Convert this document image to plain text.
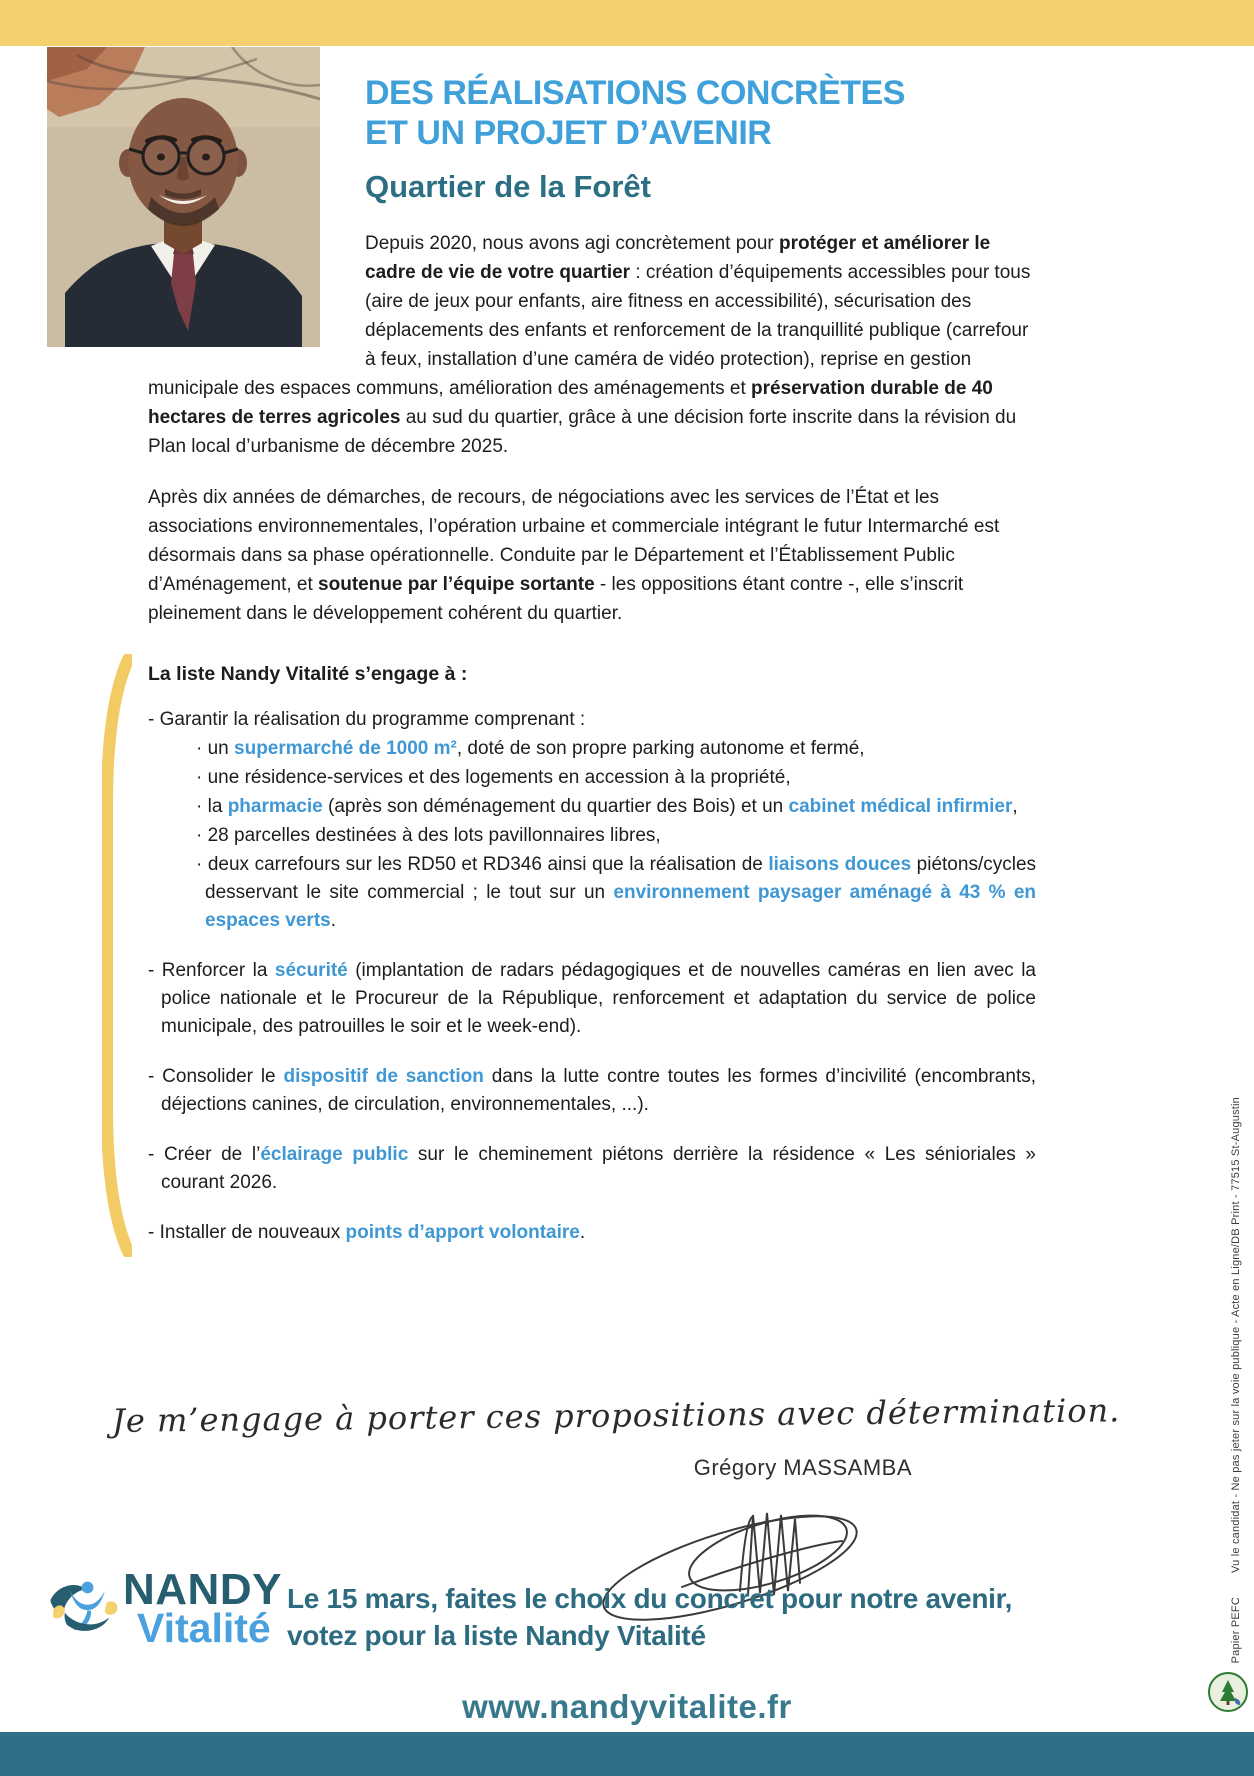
DES RÉALISATIONS CONCRÈTES
ET UN PROJET D’AVENIR
Quartier de la Forêt

Depuis 2020, nous avons agi concrètement pour protéger et améliorer le cadre de vie de votre quartier : création d’équipements accessibles pour tous (aire de jeux pour enfants, aire fitness en accessibilité), sécurisation des déplacements des enfants et renforcement de la tranquillité publique (carrefour à feux, installation d’une caméra de vidéo protection), reprise en gestion municipale des espaces communs, amélioration des aménagements et préservation durable de 40 hectares de terres agricoles au sud du quartier, grâce à une décision forte inscrite dans la révision du Plan local d’urbanisme de décembre 2025.

Après dix années de démarches, de recours, de négociations avec les services de l’État et les associations environnementales, l’opération urbaine et commerciale intégrant le futur Intermarché est désormais dans sa phase opérationnelle. Conduite par le Département et l’Établissement Public d’Aménagement, et soutenue par l’équipe sortante - les oppositions étant contre -, elle s’inscrit pleinement dans le développement cohérent du quartier.

La liste Nandy Vitalité s’engage à :

- Garantir la réalisation du programme comprenant :

· un supermarché de 1000 m², doté de son propre parking autonome et fermé,

· une résidence-services et des logements en accession à la propriété,

· la pharmacie (après son déménagement du quartier des Bois) et un cabinet médical infirmier,

· 28 parcelles destinées à des lots pavillonnaires libres,

· deux carrefours sur les RD50 et RD346 ainsi que la réalisation de liaisons douces piétons/cycles desservant le site commercial ; le tout sur un environnement paysager aménagé à 43 % en espaces verts.

- Renforcer la sécurité (implantation de radars pédagogiques et de nouvelles caméras en lien avec la police nationale et le Procureur de la République, renforcement et adaptation du service de police municipale, des patrouilles le soir et le week-end).

- Consolider le dispositif de sanction dans la lutte contre toutes les formes d’incivilité (encombrants, déjections canines, de circulation, environnementales, ...).

- Créer de l’éclairage public sur le cheminement piétons derrière la résidence « Les sénioriales » courant 2026.

- Installer de nouveaux points d’apport volontaire.

Je m’engage à porter ces propositions avec détermination.
Grégory MASSAMBA
NANDY
Vitalité
Le 15 mars, faites le choix du concret pour notre avenir,
votez pour la liste Nandy Vitalité
www.nandyvitalite.fr
Vu le candidat - Ne pas jeter sur la voie publique - Acte en Ligne/DB Print - 77515 St-Augustin
Papier PEFC
